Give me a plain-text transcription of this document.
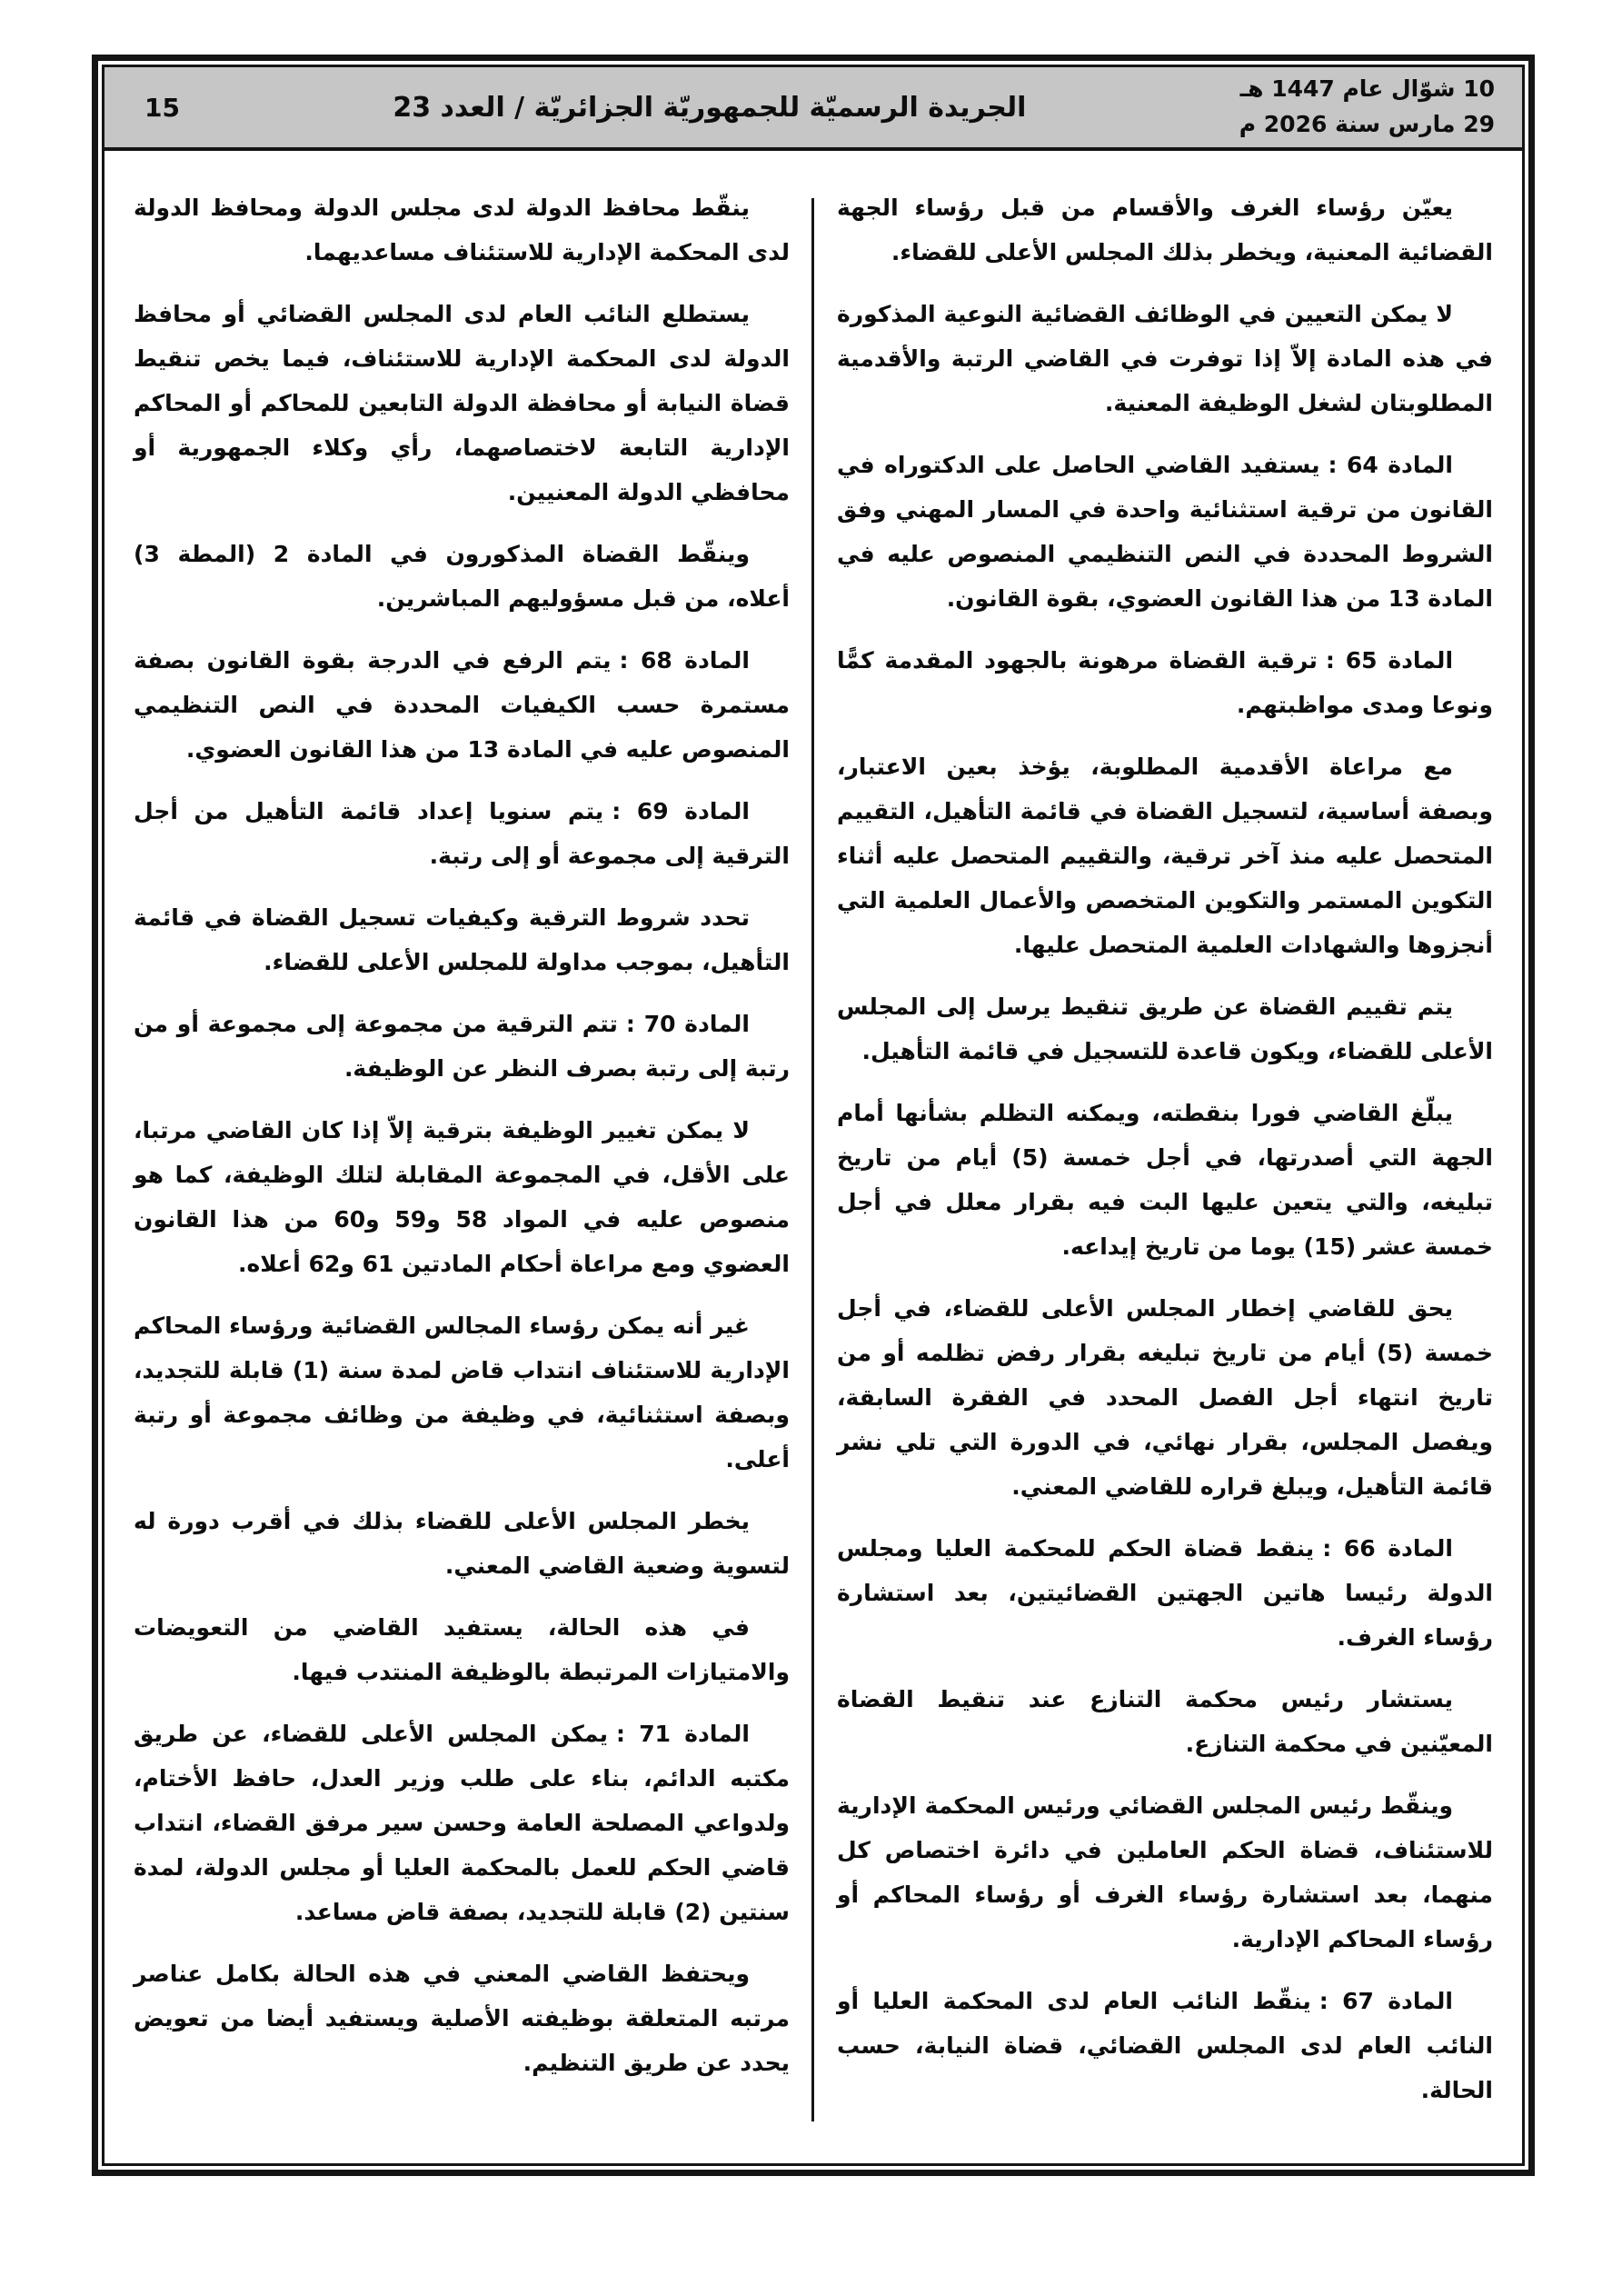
10 شوّال عام 1447 هـ
29 مارس سنة 2026 م
الجريدة الرسميّة للجمهوريّة الجزائريّة / العدد 23
15

يعيّن رؤساء الغرف والأقسام من قبل رؤساء الجهة القضائية المعنية، ويخطر بذلك المجلس الأعلى للقضاء.

لا يمكن التعيين في الوظائف القضائية النوعية المذكورة في هذه المادة إلاّ إذا توفرت في القاضي الرتبة والأقدمية المطلوبتان لشغل الوظيفة المعنية.

المادة 64 :يستفيد القاضي الحاصل على الدكتوراه في القانون من ترقية استثنائية واحدة في المسار المهني وفق الشروط المحددة في النص التنظيمي المنصوص عليه في المادة 13 من هذا القانون العضوي، بقوة القانون.

المادة 65 :ترقية القضاة مرهونة بالجهود المقدمة كمًّا ونوعا ومدى مواظبتهم.

مع مراعاة الأقدمية المطلوبة، يؤخذ بعين الاعتبار، وبصفة أساسية، لتسجيل القضاة في قائمة التأهيل، التقييم المتحصل عليه منذ آخر ترقية، والتقييم المتحصل عليه أثناء التكوين المستمر والتكوين المتخصص والأعمال العلمية التي أنجزوها والشهادات العلمية المتحصل عليها.

يتم تقييم القضاة عن طريق تنقيط يرسل إلى المجلس الأعلى للقضاء، ويكون قاعدة للتسجيل في قائمة التأهيل.

يبلّغ القاضي فورا بنقطته، ويمكنه التظلم بشأنها أمام الجهة التي أصدرتها، في أجل خمسة (5) أيام من تاريخ تبليغه، والتي يتعين عليها البت فيه بقرار معلل في أجل خمسة عشر (15) يوما من تاريخ إيداعه.

يحق للقاضي إخطار المجلس الأعلى للقضاء، في أجل خمسة (5) أيام من تاريخ تبليغه بقرار رفض تظلمه أو من تاريخ انتهاء أجل الفصل المحدد في الفقرة السابقة، ويفصل المجلس، بقرار نهائي، في الدورة التي تلي نشر قائمة التأهيل، ويبلغ قراره للقاضي المعني.

المادة 66 :ينقط قضاة الحكم للمحكمة العليا ومجلس الدولة رئيسا هاتين الجهتين القضائيتين، بعد استشارة رؤساء الغرف.

يستشار رئيس محكمة التنازع عند تنقيط القضاة المعيّنين في محكمة التنازع.

وينقّط رئيس المجلس القضائي ورئيس المحكمة الإدارية للاستئناف، قضاة الحكم العاملين في دائرة اختصاص كل منهما، بعد استشارة رؤساء الغرف أو رؤساء المحاكم أو رؤساء المحاكم الإدارية.

المادة 67 :ينقّط النائب العام لدى المحكمة العليا أو النائب العام لدى المجلس القضائي، قضاة النيابة، حسب الحالة.

ينقّط محافظ الدولة لدى مجلس الدولة ومحافظ الدولة لدى المحكمة الإدارية للاستئناف مساعديهما.

يستطلع النائب العام لدى المجلس القضائي أو محافظ الدولة لدى المحكمة الإدارية للاستئناف، فيما يخص تنقيط قضاة النيابة أو محافظة الدولة التابعين للمحاكم أو المحاكم الإدارية التابعة لاختصاصهما، رأي وكلاء الجمهورية أو محافظي الدولة المعنيين.

وينقّط القضاة المذكورون في المادة 2 (المطة 3) أعلاه، من قبل مسؤوليهم المباشرين.

المادة 68 :يتم الرفع في الدرجة بقوة القانون بصفة مستمرة حسب الكيفيات المحددة في النص التنظيمي المنصوص عليه في المادة 13 من هذا القانون العضوي.

المادة 69 :يتم سنويا إعداد قائمة التأهيل من أجل الترقية إلى مجموعة أو إلى رتبة.

تحدد شروط الترقية وكيفيات تسجيل القضاة في قائمة التأهيل، بموجب مداولة للمجلس الأعلى للقضاء.

المادة 70 :تتم الترقية من مجموعة إلى مجموعة أو من رتبة إلى رتبة بصرف النظر عن الوظيفة.

لا يمكن تغيير الوظيفة بترقية إلاّ إذا كان القاضي مرتبا، على الأقل، في المجموعة المقابلة لتلك الوظيفة، كما هو منصوص عليه في المواد 58 و59 و60 من هذا القانون العضوي ومع مراعاة أحكام المادتين 61 و62 أعلاه.

غير أنه يمكن رؤساء المجالس القضائية ورؤساء المحاكم الإدارية للاستئناف انتداب قاض لمدة سنة (1) قابلة للتجديد، وبصفة استثنائية، في وظيفة من وظائف مجموعة أو رتبة أعلى.

يخطر المجلس الأعلى للقضاء بذلك في أقرب دورة له لتسوية وضعية القاضي المعني.

في هذه الحالة، يستفيد القاضي من التعويضات والامتيازات المرتبطة بالوظيفة المنتدب فيها.

المادة 71 :يمكن المجلس الأعلى للقضاء، عن طريق مكتبه الدائم، بناء على طلب وزير العدل، حافظ الأختام، ولدواعي المصلحة العامة وحسن سير مرفق القضاء، انتداب قاضي الحكم للعمل بالمحكمة العليا أو مجلس الدولة، لمدة سنتين (2) قابلة للتجديد، بصفة قاض مساعد.

ويحتفظ القاضي المعني في هذه الحالة بكامل عناصر مرتبه المتعلقة بوظيفته الأصلية ويستفيد أيضا من تعويض يحدد عن طريق التنظيم.
